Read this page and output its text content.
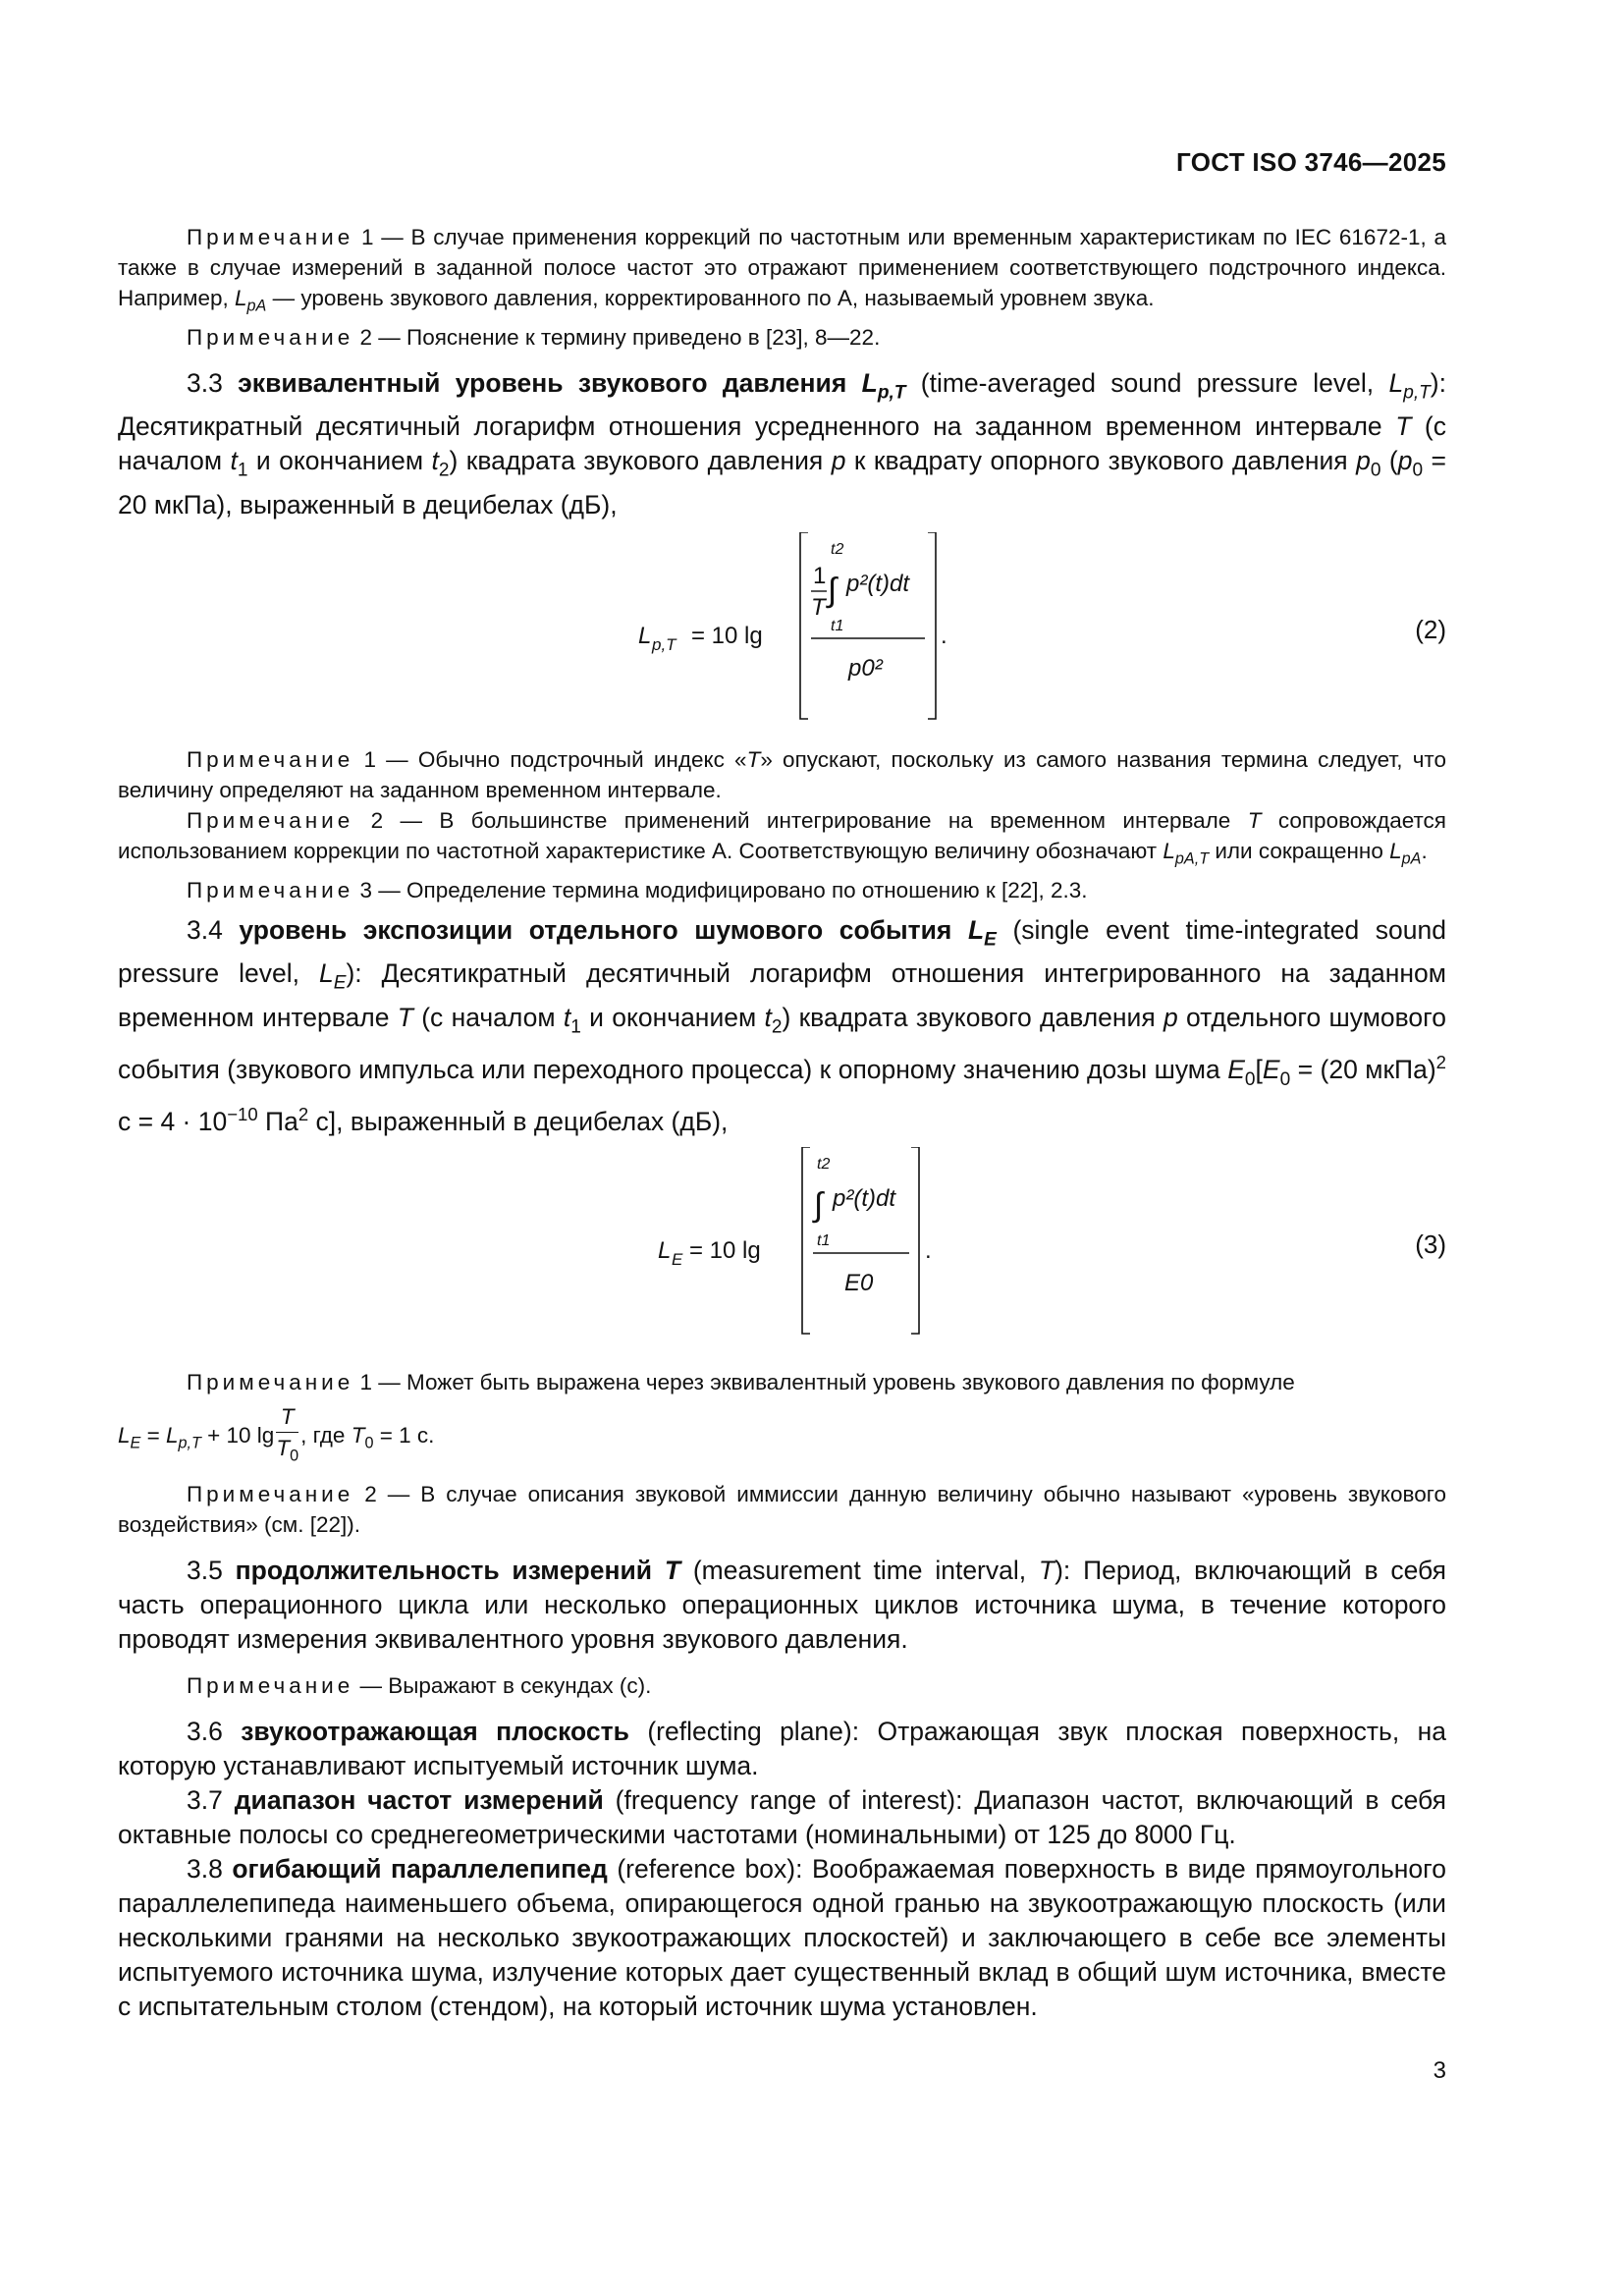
ГОСТ ISO 3746—2025

Примечание 1 — В случае применения коррекций по частотным или временным характеристикам по IEC 61672-1, а также в случае измерений в заданной полосе частот это отражают применением соответствующего подстрочного индекса. Например, $L_{pA}$ — уровень звукового давления, корректированного по А, называемый уровнем звука.

Примечание 2 — Пояснение к термину приведено в [23], 8—22.

3.3 эквивалентный уровень звукового давления $L_{p,T}$ (time-averaged sound pressure level, $L_{p,T}$): Десятикратный десятичный логарифм отношения усредненного на заданном временном интервале T (с началом $t_1$ и окончанием $t_2$) квадрата звукового давления p к квадрату опорного звукового давления $p_0$ ($p_0 = 20$ мкПа), выраженный в децибелах (дБ),

L p,T = 10 lg
1
T
t2
∫
t1
p²(t)dt
p0²
.	(2)

Примечание 1 — Обычно подстрочный индекс «T» опускают, поскольку из самого названия термина следует, что величину определяют на заданном временном интервале.

Примечание 2 — В большинстве применений интегрирование на временном интервале T сопровождается использованием коррекции по частотной характеристике А. Соответствующую величину обозначают $L_{pA,T}$ или сокращенно $L_{pA}$.

Примечание 3 — Определение термина модифицировано по отношению к [22], 2.3.

3.4 уровень экспозиции отдельного шумового события $L_E$ (single event time-integrated sound pressure level, $L_E$): Десятикратный десятичный логарифм отношения интегрированного на заданном временном интервале T (с началом $t_1$ и окончанием $t_2$) квадрата звукового давления p отдельного шумового события (звукового импульса или переходного процесса) к опорному значению дозы шума $E_0[E_0 = (20$ мкПа)$^2$ $с = 4 \cdot 10^{-10}$ $Па^2$ с], выраженный в децибелах (дБ),

L E = 10 lg
t2
∫
t1
p²(t)dt
E0
.	(3)

Примечание 1 — Может быть выражена через эквивалентный уровень звукового давления по формуле

$L_E = L_{p,T} + 10$ $\lg \frac{T}{T_0}$ , где $T_0 = 1$ с.

Примечание 2 — В случае описания звуковой иммиссии данную величину обычно называют «уровень звукового воздействия» (см. [22]).

3.5 продолжительность измерений T (measurement time interval, T): Период, включающий в себя часть операционного цикла или несколько операционных циклов источника шума, в течение которого проводят измерения эквивалентного уровня звукового давления.

Примечание — Выражают в секундах (с).

3.6 звукоотражающая плоскость (reflecting plane): Отражающая звук плоская поверхность, на которую устанавливают испытуемый источник шума.

3.7 диапазон частот измерений (frequency range of interest): Диапазон частот, включающий в себя октавные полосы со среднегеометрическими частотами (номинальными) от 125 до 8000 Гц.

3.8 огибающий параллелепипед (reference box): Воображаемая поверхность в виде прямоугольного параллелепипеда наименьшего объема, опирающегося одной гранью на звукоотражающую плоскость (или несколькими гранями на несколько звукоотражающих плоскостей) и заключающего в себе все элементы испытуемого источника шума, излучение которых дает существенный вклад в общий шум источника, вместе с испытательным столом (стендом), на который источник шума установлен.

3
